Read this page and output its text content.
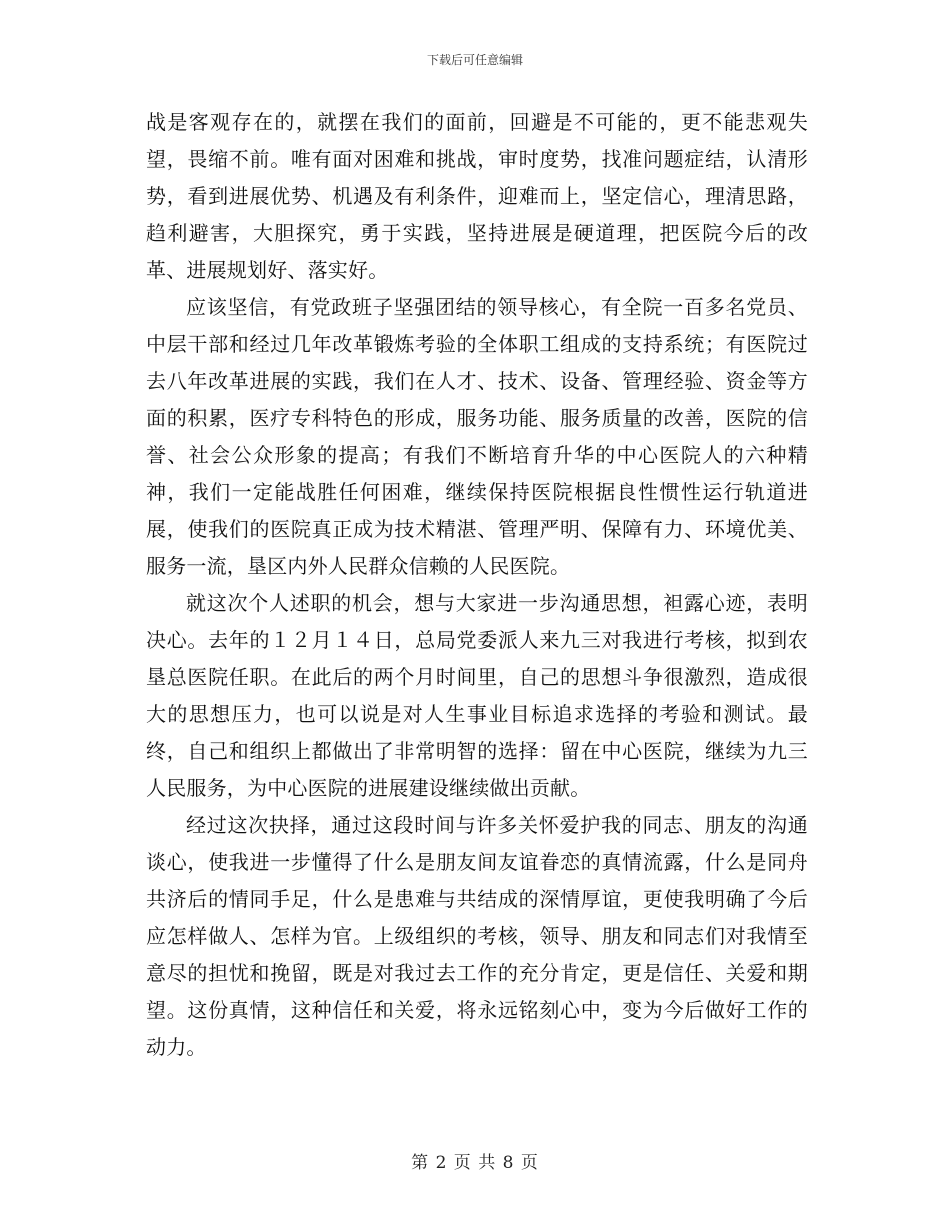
下载后可任意编辑

战是客观存在的，就摆在我们的面前，回避是不可能的，更不能悲观失望，畏缩不前。唯有面对困难和挑战，审时度势，找准问题症结，认清形势，看到进展优势、机遇及有利条件，迎难而上，坚定信心，理清思路，趋利避害，大胆探究，勇于实践，坚持进展是硬道理，把医院今后的改革、进展规划好、落实好。

应该坚信，有党政班子坚强团结的领导核心，有全院一百多名党员、中层干部和经过几年改革锻炼考验的全体职工组成的支持系统；有医院过去八年改革进展的实践，我们在人才、技术、设备、管理经验、资金等方面的积累，医疗专科特色的形成，服务功能、服务质量的改善，医院的信誉、社会公众形象的提高；有我们不断培育升华的中心医院人的六种精神，我们一定能战胜任何困难，继续保持医院根据良性惯性运行轨道进展，使我们的医院真正成为技术精湛、管理严明、保障有力、环境优美、服务一流，垦区内外人民群众信赖的人民医院。

就这次个人述职的机会，想与大家进一步沟通思想，袒露心迹，表明决心。去年的１２月１４日，总局党委派人来九三对我进行考核，拟到农垦总医院任职。在此后的两个月时间里，自己的思想斗争很激烈，造成很大的思想压力，也可以说是对人生事业目标追求选择的考验和测试。最终，自己和组织上都做出了非常明智的选择：留在中心医院，继续为九三人民服务，为中心医院的进展建设继续做出贡献。

经过这次抉择，通过这段时间与许多关怀爱护我的同志、朋友的沟通谈心，使我进一步懂得了什么是朋友间友谊眷恋的真情流露，什么是同舟共济后的情同手足，什么是患难与共结成的深情厚谊，更使我明确了今后应怎样做人、怎样为官。上级组织的考核，领导、朋友和同志们对我情至意尽的担忧和挽留，既是对我过去工作的充分肯定，更是信任、关爱和期望。这份真情，这种信任和关爱，将永远铭刻心中，变为今后做好工作的动力。

第 2 页 共 8 页
